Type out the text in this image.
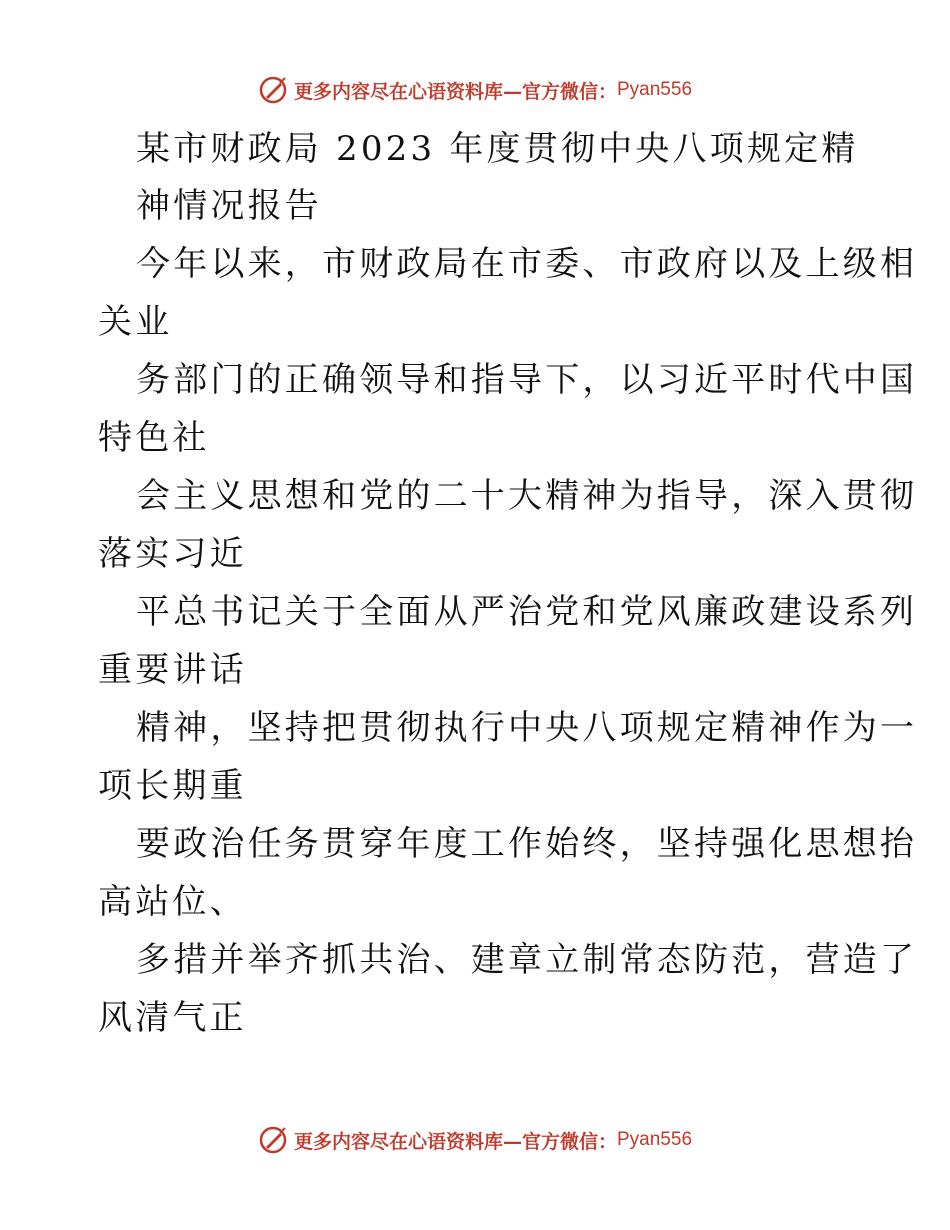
更多内容尽在心语资料库—官方微信： Pyan556
某市财政局 2023 年度贯彻中央八项规定精
神情况报告
今年以来，市财政局在市委、市政府以及上级相
关业
务部门的正确领导和指导下，以习近平时代中国
特色社
会主义思想和党的二十大精神为指导，深入贯彻
落实习近
平总书记关于全面从严治党和党风廉政建设系列
重要讲话
精神，坚持把贯彻执行中央八项规定精神作为一
项长期重
要政治任务贯穿年度工作始终，坚持强化思想抬
高站位、
多措并举齐抓共治、建章立制常态防范，营造了
风清气正
更多内容尽在心语资料库—官方微信： Pyan556
